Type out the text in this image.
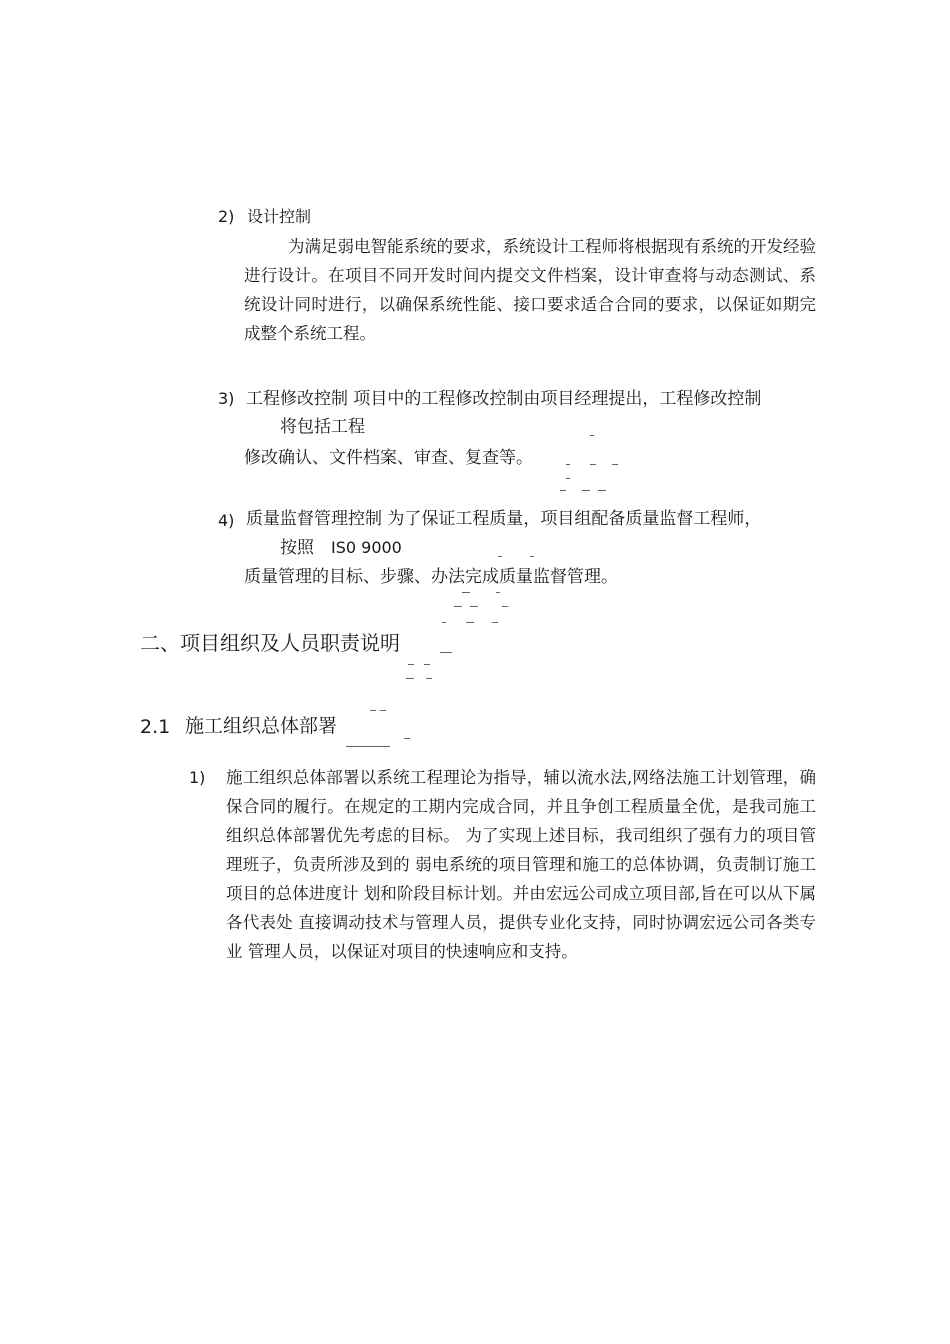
2) 设计控制
为满足弱电智能系统的要求，系统设计工程师将根据现有系统的开发经验进行设计。在项目不同开发时间内提交文件档案，设计审查将与动态测试、系统设计同时进行，以确保系统性能、接口要求适合合同的要求，以保证如期完成整个系统工程。
3) 工程修改控制 项目中的工程修改控制由项目经理提出，工程修改控制
将包括工程
修改确认、文件档案、审查、复查等。
4) 质量监督管理控制 为了保证工程质量，项目组配备质量监督工程师，
按照 IS0 9000
质量管理的目标、步骤、办法完成质量监督管理。
二、项目组织及人员职责说明
2.1 施工组织总体部署
1) 施工组织总体部署以系统工程理论为指导，辅以流水法,网络法施工计划管理，确保合同的履行。在规定的工期内完成合同，并且争创工程质量全优，是我司施工组织总体部署优先考虑的目标。 为了实现上述目标，我司组织了强有力的项目管理班子，负责所涉及到的 弱电系统的项目管理和施工的总体协调，负责制订施工项目的总体进度计 划和阶段目标计划。并由宏远公司成立项目部,旨在可以从下属各代表处 直接调动技术与管理人员，提供专业化支持，同时协调宏远公司各类专业 管理人员，以保证对项目的快速响应和支持。
